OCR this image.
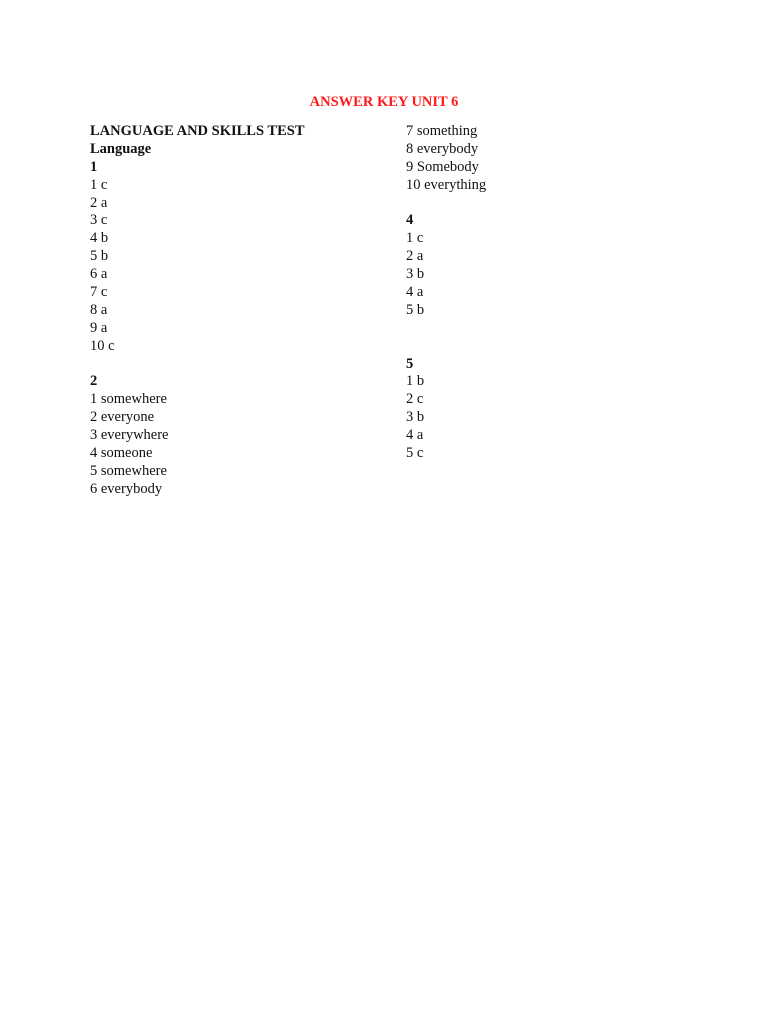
ANSWER KEY UNIT 6
LANGUAGE AND SKILLS TEST
Language
1
1 c
2 a
3 c
4 b
5 b
6 a
7 c
8 a
9 a
10 c
2
1 somewhere
2 everyone
3 everywhere
4 someone
5 somewhere
6 everybody
7 something
8 everybody
9 Somebody
10 everything
4
1 c
2 a
3 b
4 a
5 b
5
1 b
2 c
3 b
4 a
5 c
